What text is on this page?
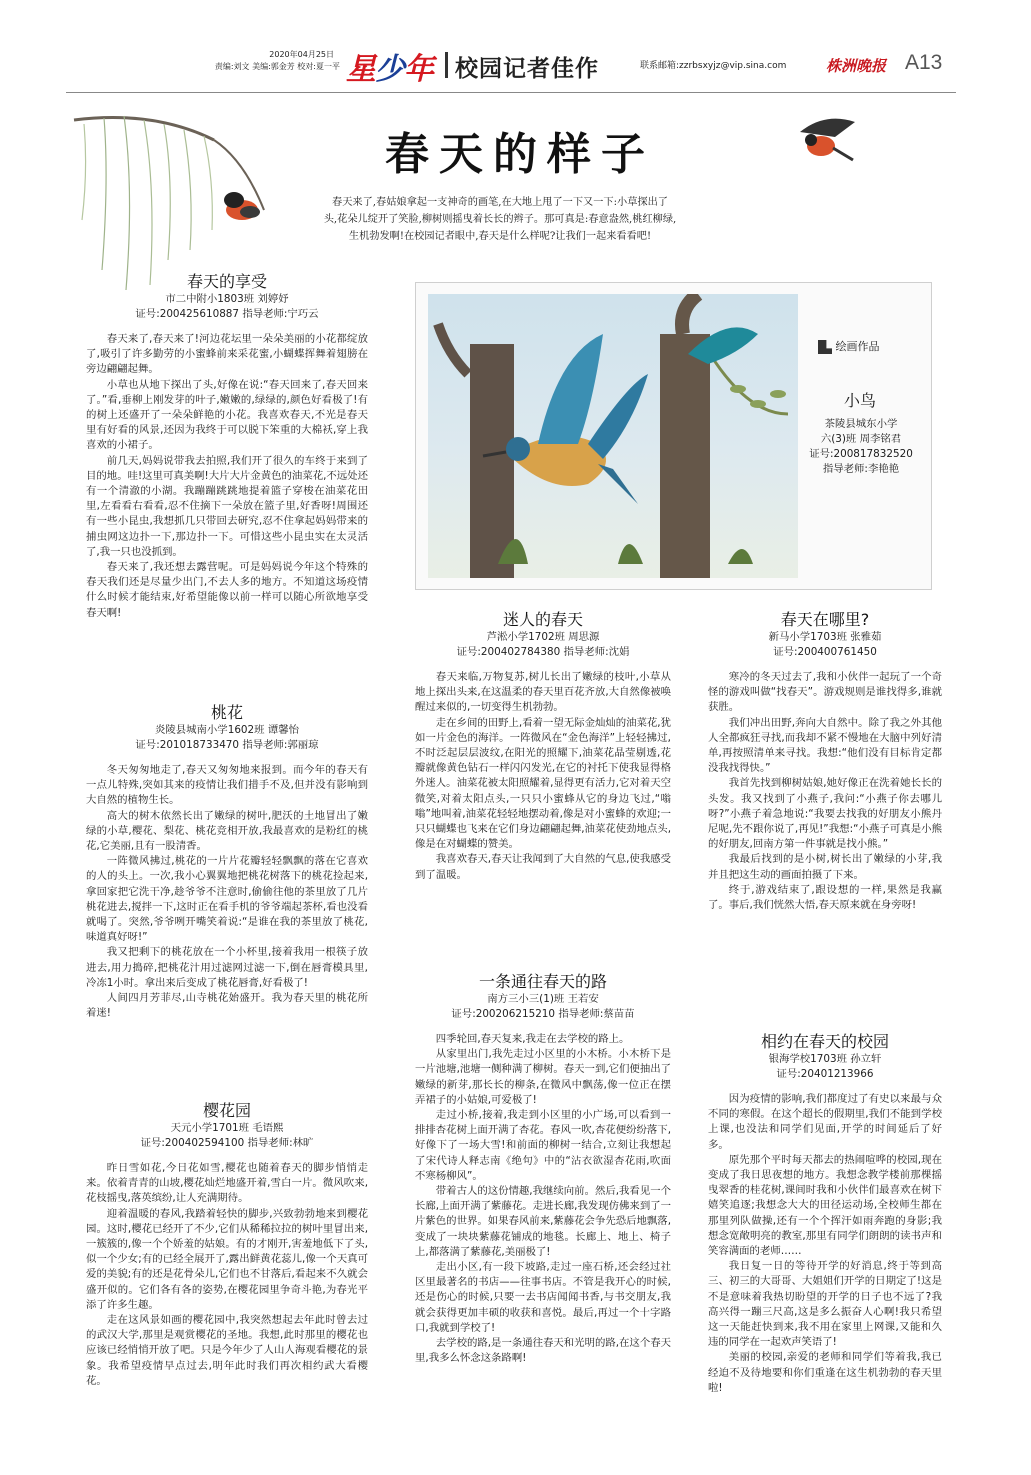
2020年04月25日
责编:刘文 美编:郭金芳 校对:夏一平 星少年 校园记者佳作	联系邮箱:zzrbsxyjz@vip.sina.com	株洲晚报 A13
春天的样子
春天来了,春姑娘拿起一支神奇的画笔,在大地上甩了一下又一下:小草探出了
头,花朵儿绽开了笑脸,柳树则摇曳着长长的辫子。那可真是:春意盎然,桃红柳绿,
生机勃发啊!在校园记者眼中,春天是什么样呢?让我们一起来看看吧!
绘画作品
小鸟
茶陵县城东小学
六(3)班 周李铭君
证号:200817832520
指导老师:李艳艳
春天的享受
市二中附小1803班 刘婷妤
证号:200425610887 指导老师:宁巧云

春天来了,春天来了!河边花坛里一朵朵美丽的小花都绽放了,吸引了许多勤劳的小蜜蜂前来采花蜜,小蝴蝶挥舞着翅膀在旁边翩翩起舞。

小草也从地下探出了头,好像在说:“春天回来了,春天回来了。”看,垂柳上刚发芽的叶子,嫩嫩的,绿绿的,颜色好看极了!有的树上还盛开了一朵朵鲜艳的小花。我喜欢春天,不光是春天里有好看的风景,还因为我终于可以脱下笨重的大棉袄,穿上我喜欢的小裙子。

前几天,妈妈说带我去拍照,我们开了很久的车终于来到了目的地。哇!这里可真美啊!大片大片金黄色的油菜花,不远处还有一个清澈的小湖。我蹦蹦跳跳地提着篮子穿梭在油菜花田里,左看看右看看,忍不住摘下一朵放在篮子里,好香呀!周围还有一些小昆虫,我想抓几只带回去研究,忍不住拿起妈妈带来的捕虫网这边扑一下,那边扑一下。可惜这些小昆虫实在太灵活了,我一只也没抓到。

春天来了,我还想去露营呢。可是妈妈说今年这个特殊的春天我们还是尽量少出门,不去人多的地方。不知道这场疫情什么时候才能结束,好希望能像以前一样可以随心所欲地享受春天啊!

桃花
炎陵县城南小学1602班 谭馨怡
证号:201018733470 指导老师:郭丽琼

冬天匆匆地走了,春天又匆匆地来报到。而今年的春天有一点儿特殊,突如其来的疫情让我们措手不及,但并没有影响到大自然的植物生长。

高大的树木依然长出了嫩绿的树叶,肥沃的土地冒出了嫩绿的小草,樱花、梨花、桃花竞相开放,我最喜欢的是粉红的桃花,它美丽,且有一股清香。

一阵微风拂过,桃花的一片片花瓣轻轻飘飘的落在它喜欢的人的头上。一次,我小心翼翼地把桃花树落下的桃花捡起来,拿回家把它洗干净,趁爷爷不注意时,偷偷往他的茶里放了几片桃花进去,搅拌一下,这时正在看手机的爷爷端起茶杯,看也没看就喝了。突然,爷爷咧开嘴笑着说:“是谁在我的茶里放了桃花,味道真好呀!”

我又把剩下的桃花放在一个小杯里,接着我用一根筷子放进去,用力搗碎,把桃花汁用过滤网过滤一下,倒在唇膏模具里,冷冻1小时。拿出来后变成了桃花唇膏,好看极了!

人间四月芳菲尽,山寺桃花始盛开。我为春天里的桃花所着迷!

樱花园
天元小学1701班 毛语熙
证号:200402594100 指导老师:林旷

昨日雪如花,今日花如雪,樱花也随着春天的脚步悄悄走来。依着青青的山坡,樱花灿烂地盛开着,雪白一片。微风吹来,花枝摇曳,落英缤纷,让人充满期待。

迎着温暖的春风,我踏着轻快的脚步,兴致勃勃地来到樱花园。这时,樱花已经开了不少,它们从稀稀拉拉的树叶里冒出来,一簇簇的,像一个个娇羞的姑娘。有的才刚开,害羞地低下了头,似一个少女;有的已经全展开了,露出鲜黄花蕊儿,像一个天真可爱的美貌;有的还是花骨朵儿,它们也不甘落后,看起来不久就会盛开似的。它们各有各的姿势,在樱花园里争奇斗艳,为春光平添了许多生趣。

走在这风景如画的樱花园中,我突然想起去年此时曾去过的武汉大学,那里是观赏樱花的圣地。我想,此时那里的樱花也应该已经悄悄开放了吧。只是今年少了人山人海观看樱花的景象。我希望疫情早点过去,明年此时我们再次相约武大看樱花。

迷人的春天
芦淞小学1702班 周思源
证号:200402784380 指导老师:沈娟

春天来临,万物复苏,树儿长出了嫩绿的枝叶,小草从地上探出头来,在这温柔的春天里百花齐放,大自然像被唤醒过来似的,一切变得生机勃勃。

走在乡间的田野上,看着一望无际金灿灿的油菜花,犹如一片金色的海洋。一阵微风在“金色海洋”上轻轻拂过,不时泛起层层波纹,在阳光的照耀下,油菜花晶莹剔透,花瓣就像黄色钻石一样闪闪发光,在它的衬托下使我显得格外迷人。油菜花被太阳照耀着,显得更有活力,它对着天空微笑,对着太阳点头,一只只小蜜蜂从它的身边飞过,“嗡嗡”地叫着,油菜花轻轻地摆动着,像是对小蜜蜂的欢迎;一只只蝴蝶也飞来在它们身边翩翩起舞,油菜花使劲地点头,像是在对蝴蝶的赞美。

我喜欢春天,春天让我闻到了大自然的气息,使我感受到了温暖。

一条通往春天的路
南方三小三(1)班 王若安
证号:200206215210 指导老师:蔡苗苗

四季轮回,春天复来,我走在去学校的路上。

从家里出门,我先走过小区里的小木桥。小木桥下是一片池塘,池塘一侧种满了柳树。春天一到,它们便抽出了嫩绿的新芽,那长长的柳条,在微风中飘荡,像一位正在摆弄裙子的小姑娘,可爱极了!

走过小桥,接着,我走到小区里的小广场,可以看到一排排杏花树上面开满了杏花。春风一吹,杏花便纷纷落下,好像下了一场大雪!和前面的柳树一结合,立刻让我想起了宋代诗人释志南《绝句》中的“沾衣欲湿杏花雨,吹面不寒杨柳风”。

带着古人的这份情趣,我继续向前。然后,我看见一个长廊,上面开满了紫藤花。走进长廊,我发现仿佛来到了一片紫色的世界。如果春风前来,紫藤花会争先恐后地飘落,变成了一块块紫藤花铺成的地毯。长廊上、地上、椅子上,都落满了紫藤花,美丽极了!

走出小区,有一段下坡路,走过一座石桥,还会经过社区里最著名的书店——往事书店。不管是我开心的时候,还是伤心的时候,只要一去书店闻闻书香,与书交朋友,我就会获得更加丰硕的收获和喜悦。最后,再过一个十字路口,我就到学校了!

去学校的路,是一条通往春天和光明的路,在这个春天里,我多么怀念这条路啊!

春天在哪里?
新马小学1703班 张雅茹
证号:200400761450

寒冷的冬天过去了,我和小伙伴一起玩了一个奇怪的游戏叫做“找春天”。游戏规则是谁找得多,谁就获胜。

我们冲出田野,奔向大自然中。除了我之外其他人全都疯狂寻找,而我却不紧不慢地在大脑中列好清单,再按照清单来寻找。我想:“他们没有目标肯定都没我找得快。”

我首先找到柳树姑娘,她好像正在洗着她长长的头发。我又找到了小燕子,我问:“小燕子你去哪儿呀?”小燕子着急地说:“我要去找我的好朋友小熊丹尼呢,先不跟你说了,再见!”我想:“小燕子可真是小熊的好朋友,回南方第一件事就是找小熊。”

我最后找到的是小树,树长出了嫩绿的小芽,我并且把这生动的画面拍摄了下来。

终于,游戏结束了,跟设想的一样,果然是我赢了。事后,我们恍然大悟,春天原来就在身旁呀!

相约在春天的校园
银海学校1703班 孙立轩
证号:20401213966

因为疫情的影响,我们都度过了有史以来最与众不同的寒假。在这个超长的假期里,我们不能到学校上课,也没法和同学们见面,开学的时间延后了好多。

原先那个平时每天都去的热闹喧哗的校园,现在变成了我日思夜想的地方。我想念教学楼前那棵摇曳翠香的桂花树,课间时我和小伙伴们最喜欢在树下嬉笑追逐;我想念大大的田径运动场,全校师生都在那里列队做操,还有一个个挥汗如雨奔跑的身影;我想念宽敞明亮的教室,那里有同学们朗朗的读书声和笑容满面的老师……

我日复一日的等待开学的好消息,终于等到高三、初三的大哥哥、大姐姐们开学的日期定了!这是不是意味着我热切盼望的开学的日子也不远了?我高兴得一蹦三尺高,这是多么振奋人心啊!我只希望这一天能赶快到来,我不用在家里上网课,又能和久违的同学在一起欢声笑语了!

美丽的校园,亲爱的老师和同学们等着我,我已经迫不及待地要和你们重逢在这生机勃勃的春天里啦!
